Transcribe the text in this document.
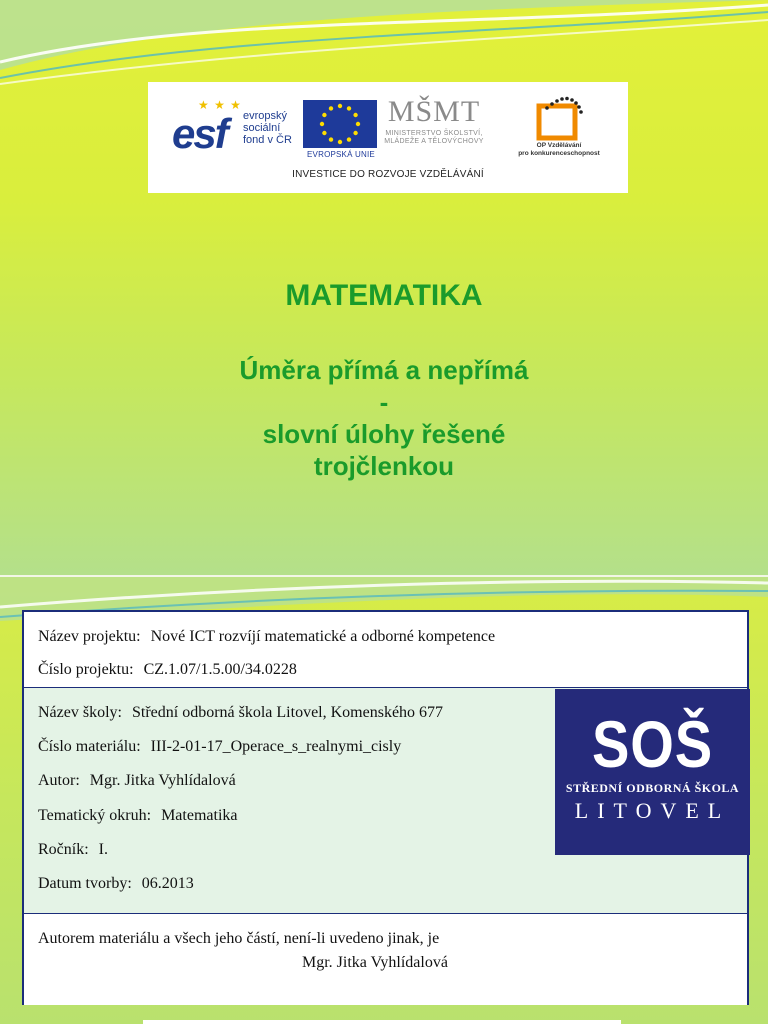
★ ★ ★
esf evropský
sociální
fond v ČR
EVROPSKÁ UNIE
MŠMT
MINISTERSTVO ŠKOLSTVÍ,
MLÁDEŽE A TĚLOVÝCHOVY
OP Vzdělávání
pro konkurenceschopnost
INVESTICE DO ROZVOJE VZDĚLÁVÁNÍ
MATEMATIKA
Úměra přímá a nepřímá
-
slovní úlohy řešené
trojčlenkou
Název projektu: Nové ICT rozvíjí matematické a odborné kompetence
Číslo projektu: CZ.1.07/1.5.00/34.0228
Název školy: Střední odborná škola Litovel, Komenského 677
Číslo materiálu: III-2-01-17_Operace_s_realnymi_cisly
Autor: Mgr. Jitka Vyhlídalová
Tematický okruh: Matematika
Ročník: I.
Datum tvorby: 06.2013
SOŠ
STŘEDNÍ ODBORNÁ ŠKOLA
LITOVEL
Autorem materiálu a všech jeho částí, není-li uvedeno jinak, je
Mgr. Jitka Vyhlídalová
